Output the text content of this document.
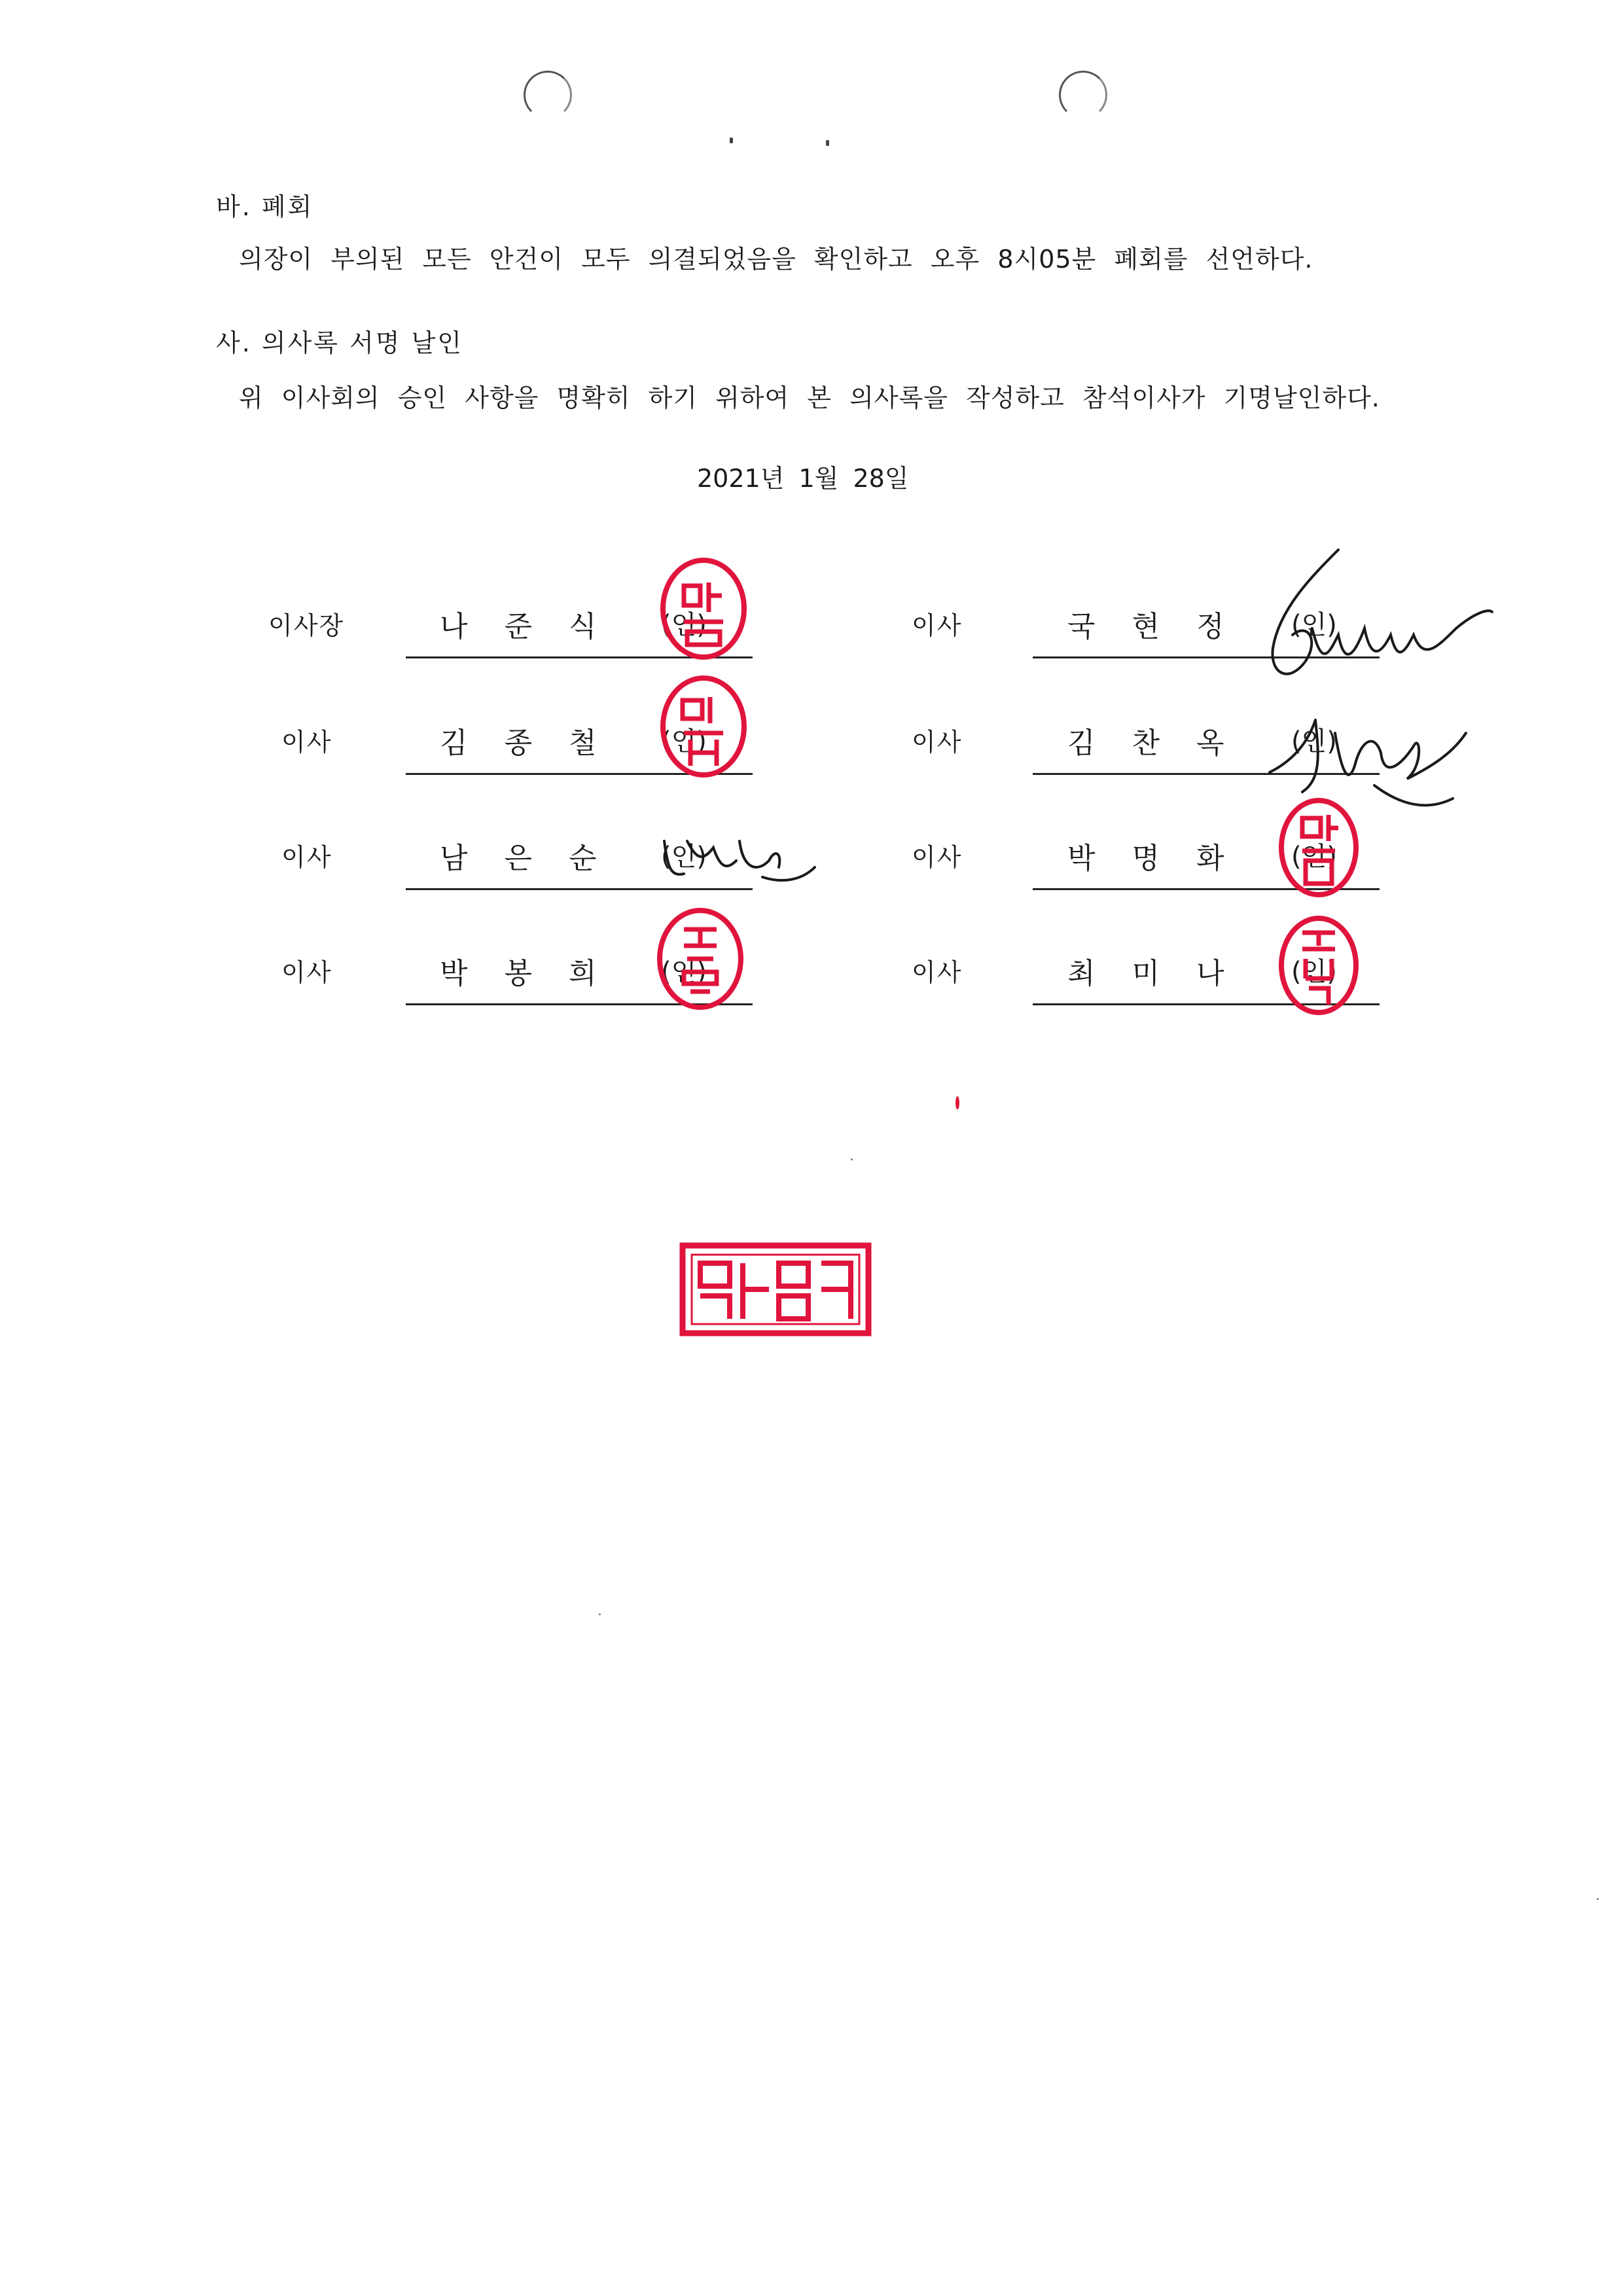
바. 폐회
의장이 부의된 모든 안건이 모두 의결되었음을 확인하고 오후 8시05분 폐회를 선언하다.
사. 의사록 서명 날인
위 이사회의 승인 사항을 명확히 하기 위하여 본 의사록을 작성하고 참석이사가 기명날인하다.
2021년 1월 28일
이사장	나준식 (인)
이사	김종철 (인)
이사	남은순 (인)
이사	박봉희 (인)
이사	국현정 (인)
이사	김찬옥 (인)
이사	박명화 (인)
이사	최미나 (인)
